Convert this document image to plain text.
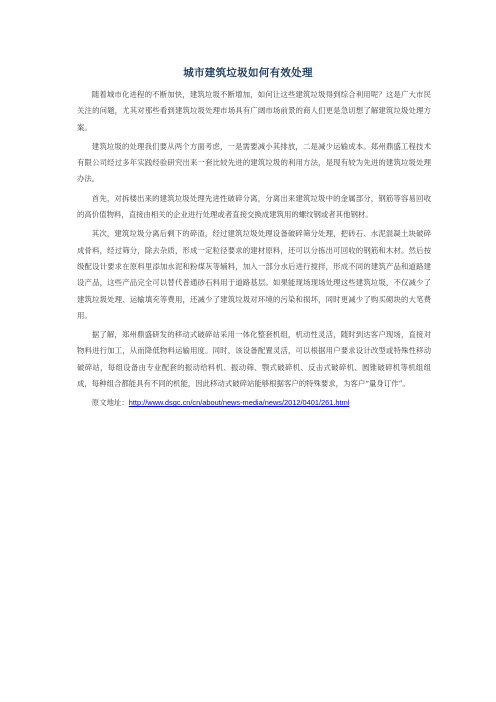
城市建筑垃圾如何有效处理

随着城市化进程的不断加快，建筑垃圾不断增加，如何让这些建筑垃圾得到综合利用呢？这是广大市民关注的问题，尤其对那些看到建筑垃圾处理市场具有广阔市场前景的商人们更是急切想了解建筑垃圾处理方案。

建筑垃圾的处理我们要从两个方面考虑，一是需要减小其排放，二是减少运输成本。郑州鼎盛工程技术有限公司经过多年实践经验研究出来一套比较先进的建筑垃圾的利用方法，是现有较为先进的建筑垃圾处理办法。

首先，对拆楼出来的建筑垃圾处理先进性破碎分离，分离出来建筑垃圾中的金属部分，钢筋等容易回收的高价值物料，直接由相关的企业进行处理或者直接交换成建筑用的螺纹钢或者其他钢材。

其次，建筑垃圾分离后剩下的碎渣，经过建筑垃圾处理设备破碎筛分处理，把砖石、水泥混凝土块破碎成骨料，经过筛分，除去杂质，形成一定粒径要求的建材原料，还可以分拣出可回收的钢筋和木材。然后按级配设计要求在原料里添加水泥和粉煤灰等辅料，加入一部分水后进行搅拌，形成不同的建筑产品和道路建设产品，这些产品完全可以替代普通砂石料用于道路基层。如果能现场现场处理这些建筑垃圾，不仅减少了建筑垃圾处理、运输填充等费用，还减少了建筑垃圾对环境的污染和损坏，同时更减少了购买砌块的大笔费用。

据了解，郑州鼎盛研发的移动式破碎站采用一体化整套机组，机动性灵活，随时到达客户现场，直接对物料进行加工，从而降低物料运输用度。同时，该设备配置灵活，可以根据用户要求设计改型或特殊性移动破碎站，每组设备由专业配套的振动给料机、振动筛、颚式破碎机、反击式破碎机、圆锥破碎机等机组组成，每种组合都能具有不同的机能，因此移动式破碎站能够根据客户的特殊要求，为客户“量身订作”。

原文地址：http://www.dsgc.cn/cn/about/news-media/news/2012/0401/261.html
